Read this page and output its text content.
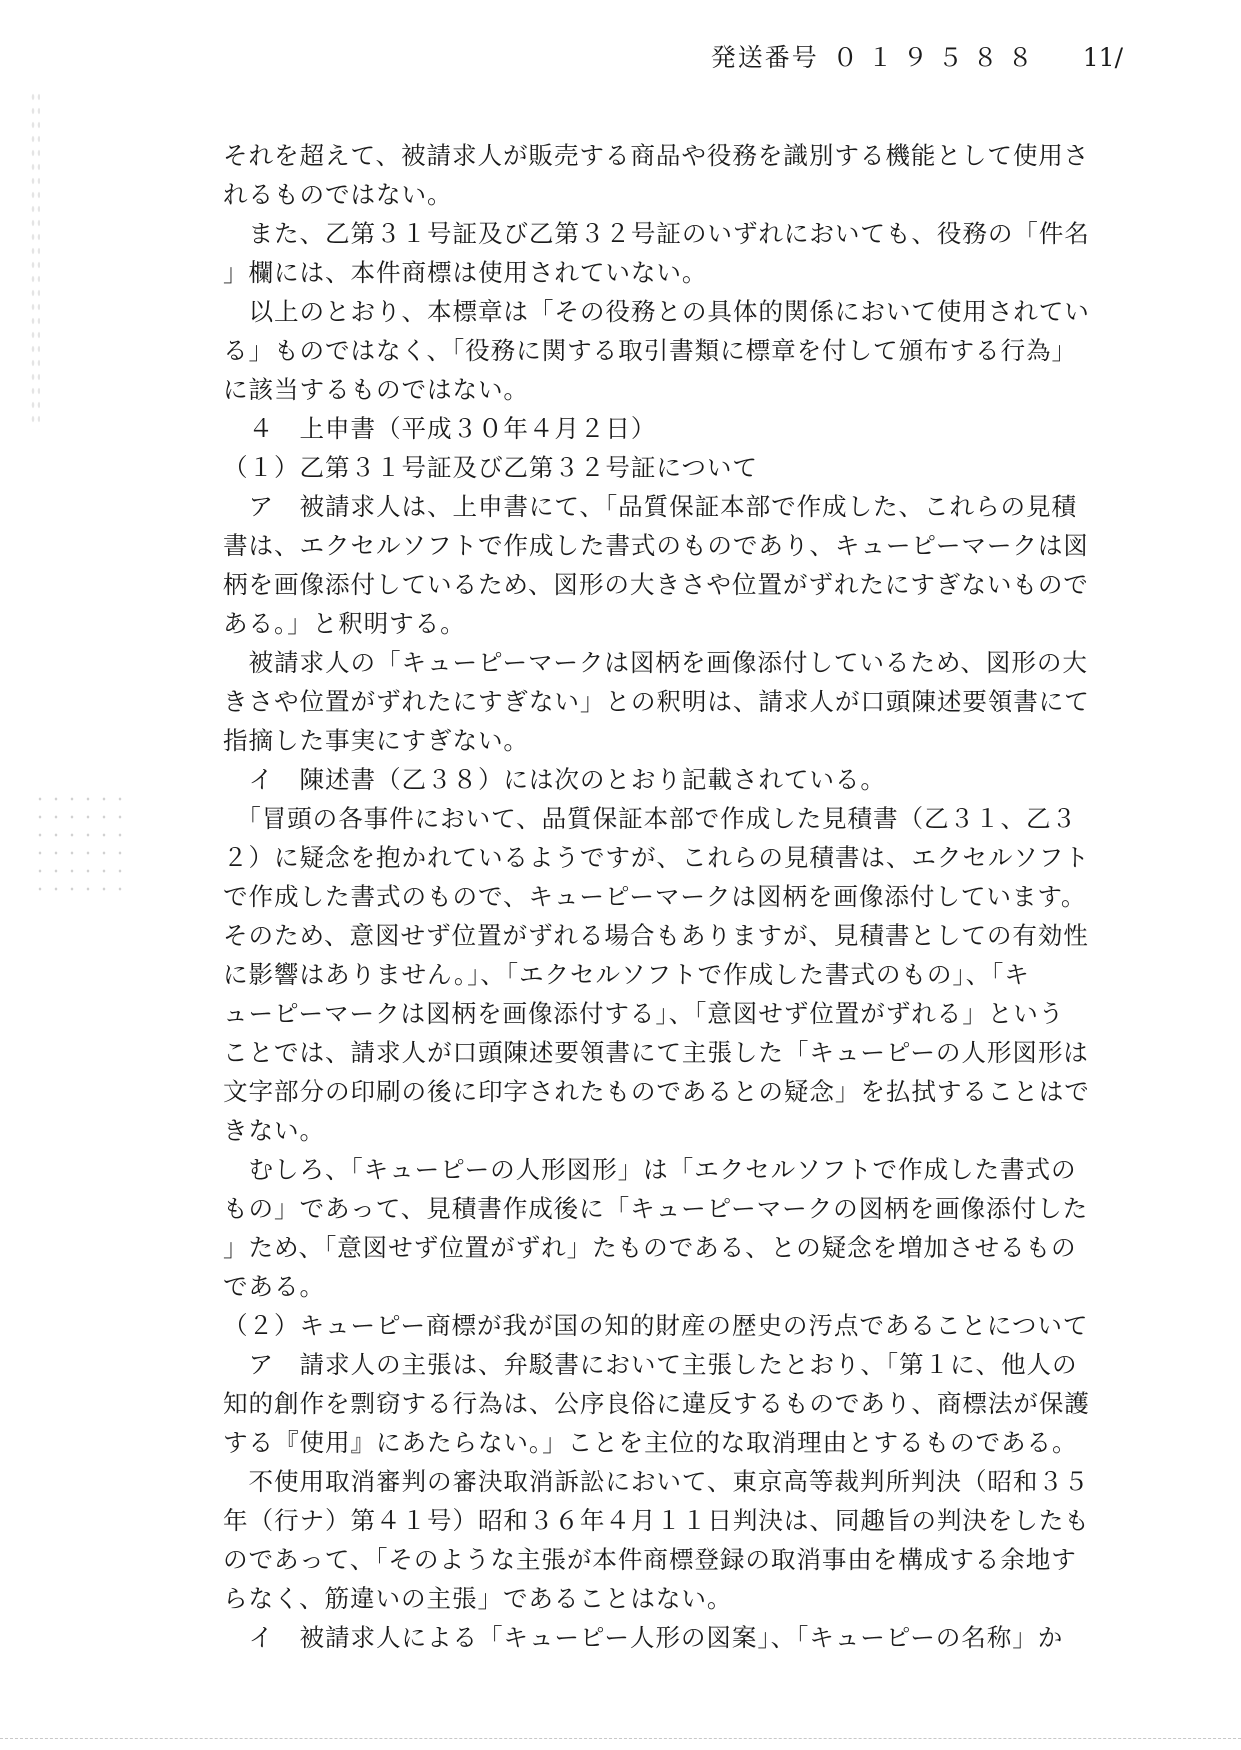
発送番号 ０１９５８８ 11/
それを超えて、被請求人が販売する商品や役務を識別する機能として使用さ
れるものではない。
　また、乙第３１号証及び乙第３２号証のいずれにおいても、役務の「件名
」欄には、本件商標は使用されていない。
　以上のとおり、本標章は「その役務との具体的関係において使用されてい
る」ものではなく、「役務に関する取引書類に標章を付して頒布する行為」
に該当するものではない。
　４　上申書（平成３０年４月２日）
（１）乙第３１号証及び乙第３２号証について
　ア　被請求人は、上申書にて、「品質保証本部で作成した、これらの見積
書は、エクセルソフトで作成した書式のものであり、キューピーマークは図
柄を画像添付しているため、図形の大きさや位置がずれたにすぎないもので
ある。」と釈明する。
　被請求人の「キューピーマークは図柄を画像添付しているため、図形の大
きさや位置がずれたにすぎない」との釈明は、請求人が口頭陳述要領書にて
指摘した事実にすぎない。
　イ　陳述書（乙３８）には次のとおり記載されている。
　「冒頭の各事件において、品質保証本部で作成した見積書（乙３１、乙３
２）に疑念を抱かれているようですが、これらの見積書は、エクセルソフト
で作成した書式のもので、キューピーマークは図柄を画像添付しています。
そのため、意図せず位置がずれる場合もありますが、見積書としての有効性
に影響はありません。」、「エクセルソフトで作成した書式のもの」、「キ
ューピーマークは図柄を画像添付する」、「意図せず位置がずれる」という
ことでは、請求人が口頭陳述要領書にて主張した「キューピーの人形図形は
文字部分の印刷の後に印字されたものであるとの疑念」を払拭することはで
きない。
　むしろ、「キューピーの人形図形」は「エクセルソフトで作成した書式の
もの」であって、見積書作成後に「キューピーマークの図柄を画像添付した
」ため、「意図せず位置がずれ」たものである、との疑念を増加させるもの
である。
（２）キューピー商標が我が国の知的財産の歴史の汚点であることについて
　ア　請求人の主張は、弁駁書において主張したとおり、「第１に、他人の
知的創作を剽窃する行為は、公序良俗に違反するものであり、商標法が保護
する『使用』にあたらない。」ことを主位的な取消理由とするものである。
　不使用取消審判の審決取消訴訟において、東京高等裁判所判決（昭和３５
年（行ナ）第４１号）昭和３６年４月１１日判決は、同趣旨の判決をしたも
のであって、「そのような主張が本件商標登録の取消事由を構成する余地す
らなく、筋違いの主張」であることはない。
　イ　被請求人による「キューピー人形の図案」、「キューピーの名称」か
